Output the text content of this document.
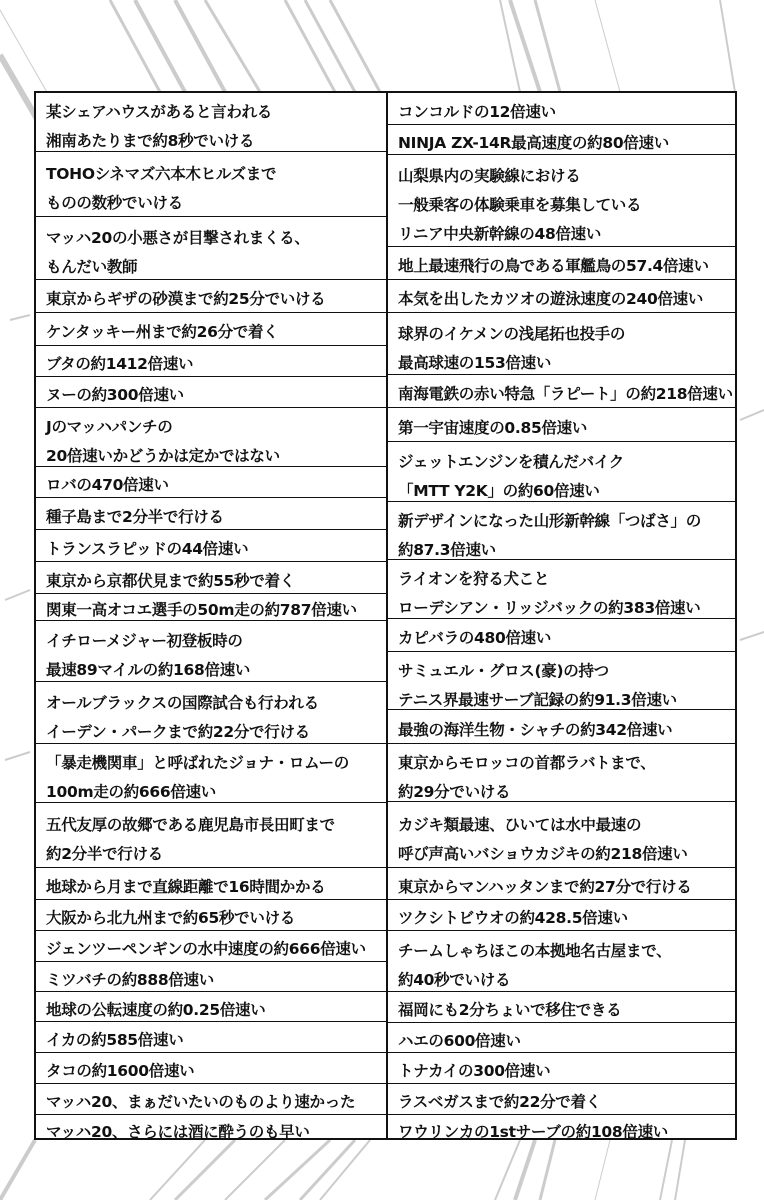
某シェアハウスがあると言われる
湘南あたりまで約8秒でいける
TOHOシネマズ六本木ヒルズまで
ものの数秒でいける
マッハ20の小悪さが目撃されまくる、
もんだい教師
東京からギザの砂漠まで約25分でいける
ケンタッキー州まで約26分で着く
ブタの約1412倍速い
ヌーの約300倍速い
Jのマッハパンチの
20倍速いかどうかは定かではない
ロバの470倍速い
種子島まで2分半で行ける
トランスラピッドの44倍速い
東京から京都伏見まで約55秒で着く
関東一高オコエ選手の50m走の約787倍速い
イチローメジャー初登板時の
最速89マイルの約168倍速い
オールブラックスの国際試合も行われる
イーデン・パークまで約22分で行ける
「暴走機関車」と呼ばれたジョナ・ロムーの
100m走の約666倍速い
五代友厚の故郷である鹿児島市長田町まで
約2分半で行ける
地球から月まで直線距離で16時間かかる
大阪から北九州まで約65秒でいける
ジェンツーペンギンの水中速度の約666倍速い
ミツバチの約888倍速い
地球の公転速度の約0.25倍速い
イカの約585倍速い
タコの約1600倍速い
マッハ20、まぁだいたいのものより速かった
マッハ20、さらには酒に酔うのも早い
コンコルドの12倍速い
NINJA ZX-14R最高速度の約80倍速い
山梨県内の実験線における
一般乗客の体験乗車を募集している
リニア中央新幹線の48倍速い
地上最速飛行の鳥である軍艦鳥の57.4倍速い
本気を出したカツオの遊泳速度の240倍速い
球界のイケメンの浅尾拓也投手の
最高球速の153倍速い
南海電鉄の赤い特急「ラピート」の約218倍速い
第一宇宙速度の0.85倍速い
ジェットエンジンを積んだバイク
「MTT Y2K」の約60倍速い
新デザインになった山形新幹線「つばさ」の
約87.3倍速い
ライオンを狩る犬こと
ローデシアン・リッジバックの約383倍速い
カピバラの480倍速い
サミュエル・グロス(豪)の持つ
テニス界最速サーブ記録の約91.3倍速い
最強の海洋生物・シャチの約342倍速い
東京からモロッコの首都ラバトまで、
約29分でいける
カジキ類最速、ひいては水中最速の
呼び声高いバショウカジキの約218倍速い
東京からマンハッタンまで約27分で行ける
ツクシトビウオの約428.5倍速い
チームしゃちほこの本拠地名古屋まで、
約40秒でいける
福岡にも2分ちょいで移住できる
ハエの600倍速い
トナカイの300倍速い
ラスベガスまで約22分で着く
ワウリンカの1stサーブの約108倍速い
